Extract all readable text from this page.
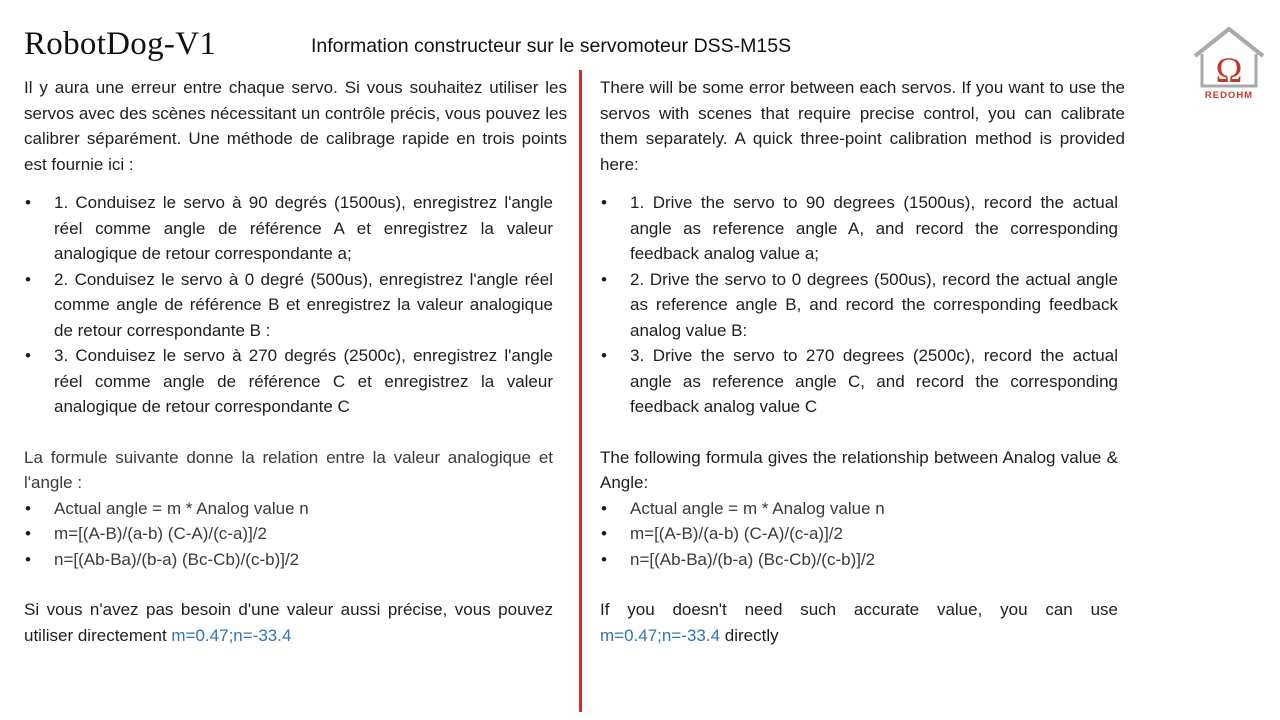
RobotDog-V1	Information constructeur sur le servomoteur DSS-M15S
Ω
REDOHM

Il y aura une erreur entre chaque servo. Si vous souhaitez utiliser les servos avec des scènes nécessitant un contrôle précis, vous pouvez les calibrer séparément. Une méthode de calibrage rapide en trois points est fournie ici :

• 1. Conduisez le servo à 90 degrés (1500us), enregistrez l'angle réel comme angle de référence A et enregistrez la valeur analogique de retour correspondante a;
• 2. Conduisez le servo à 0 degré (500us), enregistrez l'angle réel comme angle de référence B et enregistrez la valeur analogique de retour correspondante B :
• 3. Conduisez le servo à 270 degrés (2500c), enregistrez l'angle réel comme angle de référence C et enregistrez la valeur analogique de retour correspondante C

La formule suivante donne la relation entre la valeur analogique et l'angle :

• Actual angle = m * Analog value n
• m=[(A-B)/(a-b) (C-A)/(c-a)]/2
• n=[(Ab-Ba)/(b-a) (Bc-Cb)/(c-b)]/2

Si vous n'avez pas besoin d'une valeur aussi précise, vous pouvez utiliser directement m=0.47;n=-33.4

There will be some error between each servos. If you want to use the servos with scenes that require precise control, you can calibrate them separately. A quick three-point calibration method is provided here:

• 1. Drive the servo to 90 degrees (1500us), record the actual angle as reference angle A, and record the corresponding feedback analog value a;
• 2. Drive the servo to 0 degrees (500us), record the actual angle as reference angle B, and record the corresponding feedback analog value B:
• 3. Drive the servo to 270 degrees (2500c), record the actual angle as reference angle C, and record the corresponding feedback analog value C

The following formula gives the relationship between Analog value & Angle:

• Actual angle = m * Analog value n
• m=[(A-B)/(a-b) (C-A)/(c-a)]/2
• n=[(Ab-Ba)/(b-a) (Bc-Cb)/(c-b)]/2

If you doesn't need such accurate value, you can use m=0.47;n=-33.4 directly
